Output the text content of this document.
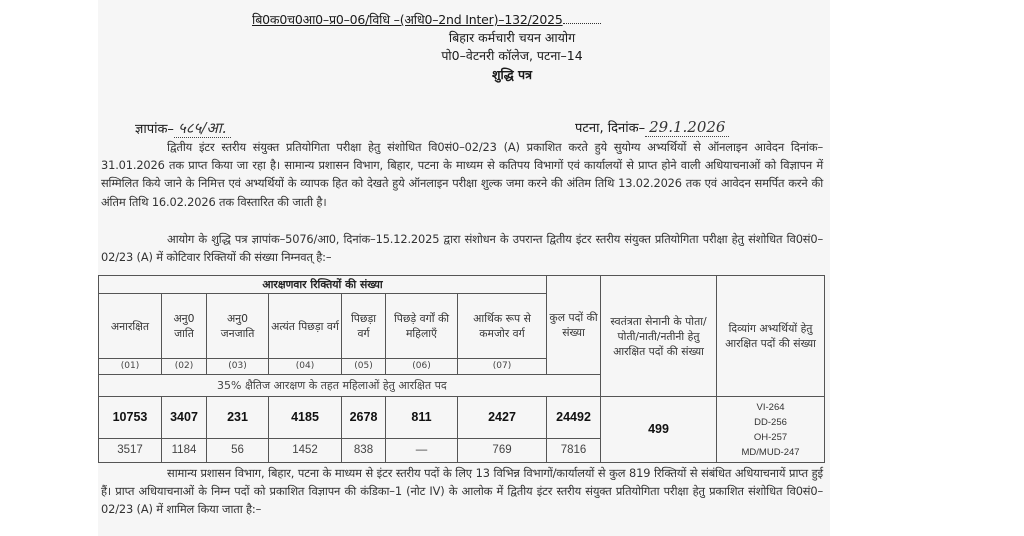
बि0क0च0आ0–प्र0–06/विधि –(अधि0–2nd Inter)–132/2025
बिहार कर्मचारी चयन आयोग
पो0–वेटनरी कॉलेज, पटना–14
शुद्धि पत्र
ज्ञापांक– ५८५/आ.	पटना, दिनांक– 29.1.2026
द्वितीय इंटर स्तरीय संयुक्त प्रतियोगिता परीक्षा हेतु संशोधित वि0सं0–02/23 (A) प्रकाशित करते हुये सुयोग्य अभ्यर्थियों से ऑनलाइन आवेदन दिनांक–31.01.2026 तक प्राप्त किया जा रहा है। सामान्य प्रशासन विभाग, बिहार, पटना के माध्यम से कतिपय विभागों एवं कार्यालयों से प्राप्त होने वाली अधियाचनाओं को विज्ञापन में सम्मिलित किये जाने के निमित्त एवं अभ्यर्थियों के व्यापक हित को देखते हुये ऑनलाइन परीक्षा शुल्क जमा करने की अंतिम तिथि 13.02.2026 तक एवं आवेदन समर्पित करने की अंतिम तिथि 16.02.2026 तक विस्तारित की जाती है।
आयोग के शुद्धि पत्र ज्ञापांक–5076/आ0, दिनांक–15.12.2025 द्वारा संशोधन के उपरान्त द्वितीय इंटर स्तरीय संयुक्त प्रतियोगिता परीक्षा हेतु संशोधित वि0सं0–02/23 (A) में कोटिवार रिक्तियों की संख्या निम्नवत् है:–
आरक्षणवार रिक्तियों की संख्या							कुल पदों की संख्या	स्वतंत्रता सेनानी के पोता/पोती/नाती/नतीनी हेतु आरक्षित पदों की संख्या	दिव्यांग अभ्यर्थियों हेतु आरक्षित पदों की संख्या
अनारक्षित	अनु0 जाति	अनु0 जनजाति	अत्यंत पिछड़ा वर्ग	पिछड़ा वर्ग	पिछड़े वर्गों की महिलाएँ	आर्थिक रूप से कमजोर वर्ग			
(01)	(02)	(03)	(04)	(05)	(06)	(07)			
35% क्षैतिज आरक्षण के तहत महिलाओं हेतु आरक्षित पद									
10753	3407	231	4185	2678	811	2427	24492	499	VI-264
DD-256
OH-257
MD/MUD-247

3517	1184	56	1452	838	—	769	7816		
सामान्य प्रशासन विभाग, बिहार, पटना के माध्यम से इंटर स्तरीय पदों के लिए 13 विभिन्न विभागों/कार्यालयों से कुल 819 रिक्तियों से संबंधित अधियाचनायें प्राप्त हुई हैं। प्राप्त अधियाचनाओं के निम्न पदों को प्रकाशित विज्ञापन की कंडिका–1 (नोट IV) के आलोक में द्वितीय इंटर स्तरीय संयुक्त प्रतियोगिता परीक्षा हेतु प्रकाशित संशोधित वि0सं0–02/23 (A) में शामिल किया जाता है:–
